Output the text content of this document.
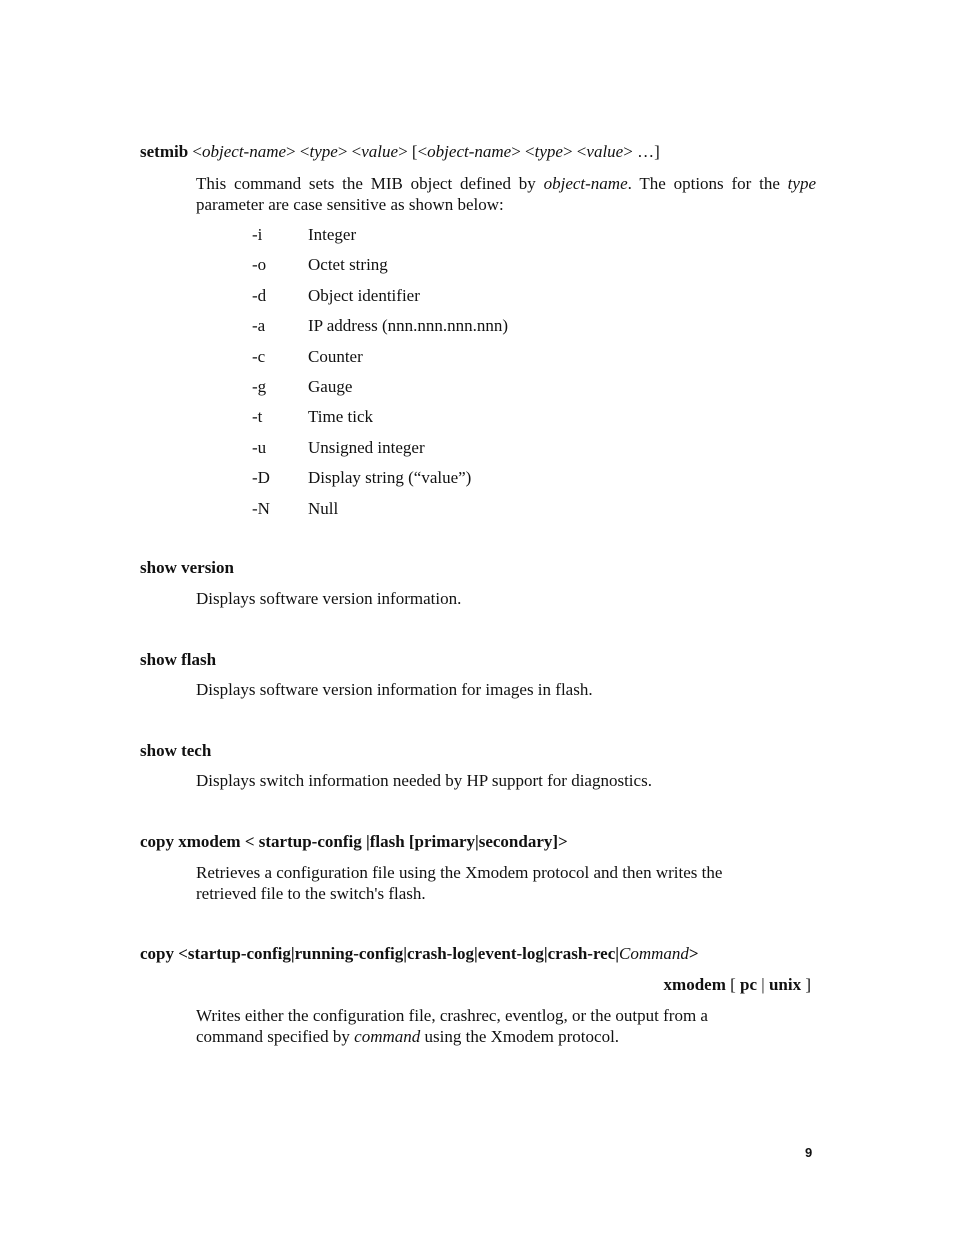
setmib <object-name> <type> <value> [<object-name> <type> <value> …]
This command sets the MIB object defined by object-name. The options for the type
parameter are case sensitive as shown below:
-i	Integer
-o Octet string
-d Object identifier
-a	IP address (nnn.nnn.nnn.nnn)
-c	Counter
-g Gauge
-t	Time tick
-u Unsigned integer
-D Display string (“value”)
-N Null
show version
Displays software version information.
show flash
Displays software version information for images in flash.
show tech
Displays switch information needed by HP support for diagnostics.
copy xmodem < startup-config |flash [primary|secondary]>
Retrieves a configuration file using the Xmodem protocol and then writes the
retrieved file to the switch's flash.
copy <startup-config|running-config|crash-log|event-log|crash-rec|Command>
xmodem [ pc | unix ]
Writes either the configuration file, crashrec, eventlog, or the output from a
command specified by command using the Xmodem protocol.
9
